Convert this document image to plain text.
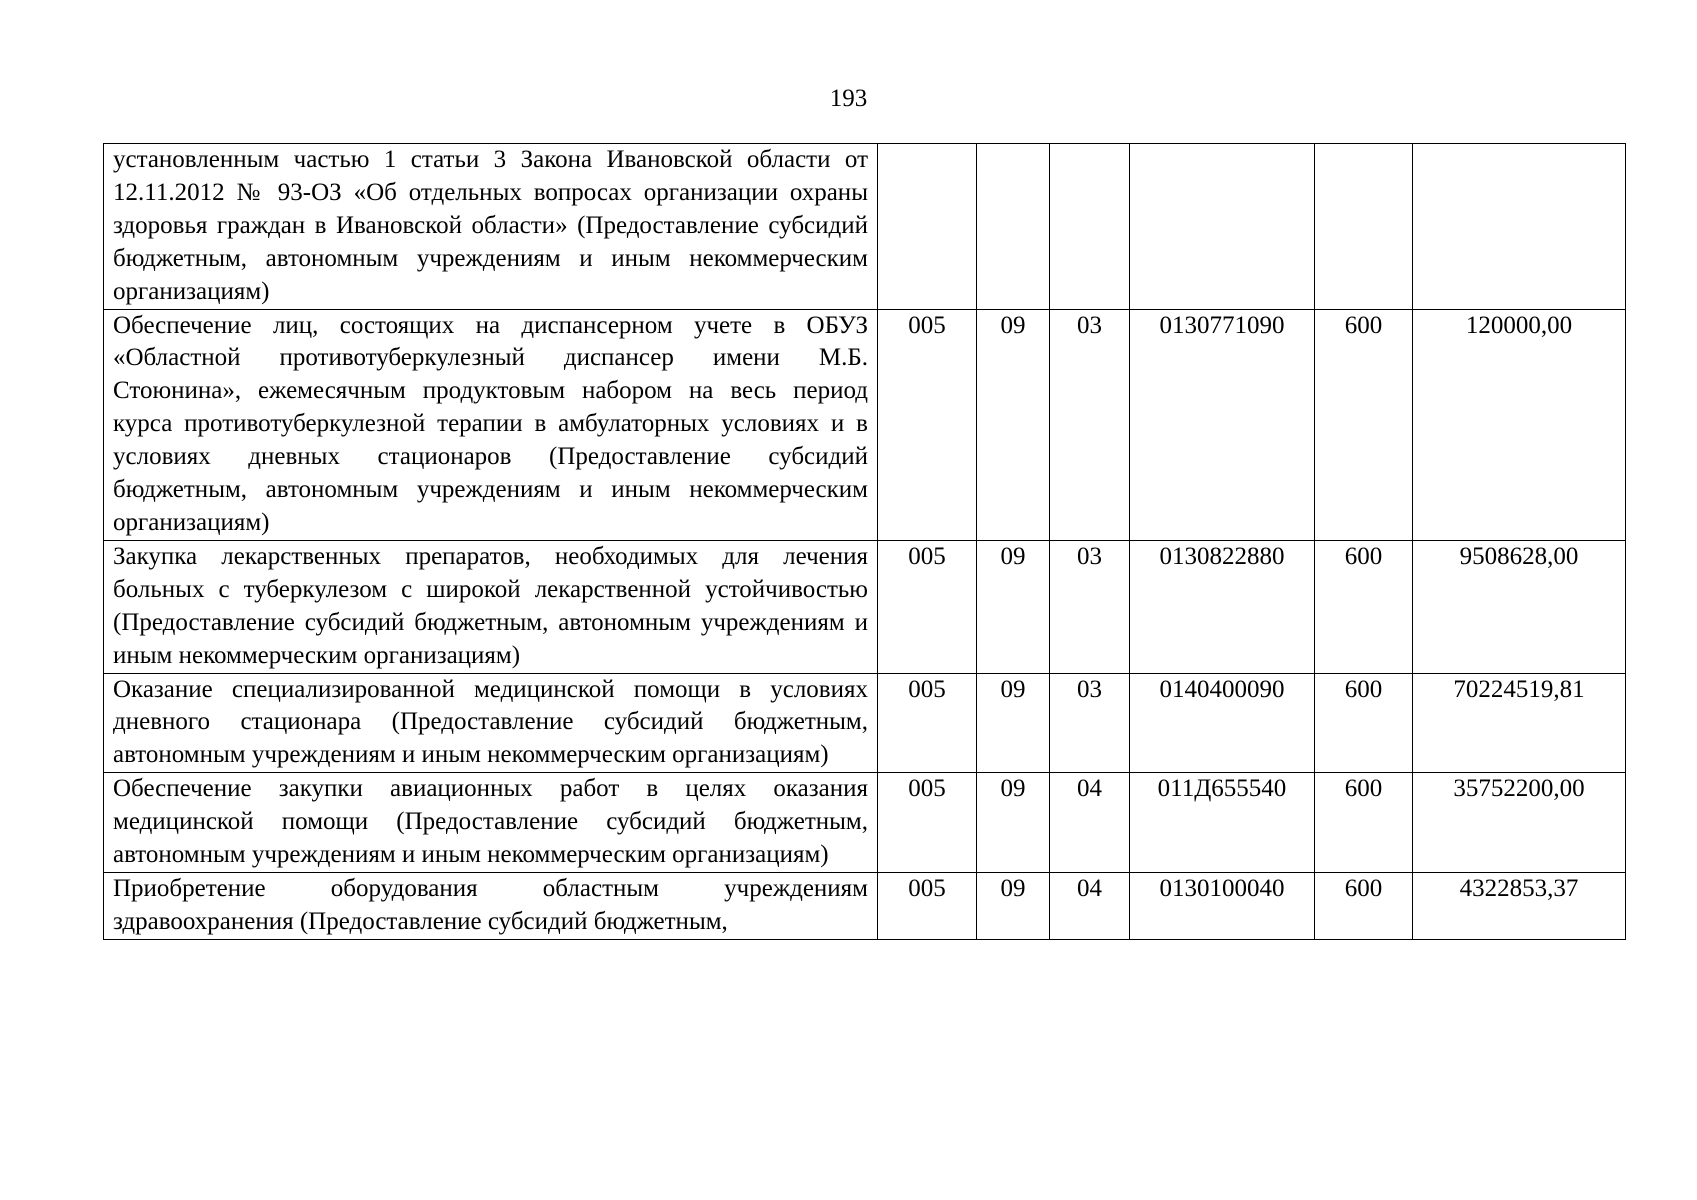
193
установленным частью 1 статьи 3 Закона Ивановской области от 12.11.2012 № 93-ОЗ «Об отдельных вопросах организации охраны здоровья граждан в Ивановской области» (Предоставление субсидий бюджетным, автономным учреждениям и иным некоммерческим организациям)						
Обеспечение лиц, состоящих на диспансерном учете в ОБУЗ «Областной противотуберкулезный диспансер имени М.Б. Стоюнина», ежемесячным продуктовым набором на весь период курса противотуберкулезной терапии в амбулаторных условиях и в условиях дневных стационаров (Предоставление субсидий бюджетным, автономным учреждениям и иным некоммерческим организациям)	005	09	03	0130771090	600	120000,00
Закупка лекарственных препаратов, необходимых для лечения больных с туберкулезом с широкой лекарственной устойчивостью (Предоставление субсидий бюджетным, автономным учреждениям и иным некоммерческим организациям)	005	09	03	0130822880	600	9508628,00
Оказание специализированной медицинской помощи в условиях дневного стационара (Предоставление субсидий бюджетным, автономным учреждениям и иным некоммерческим организациям)	005	09	03	0140400090	600	70224519,81
Обеспечение закупки авиационных работ в целях оказания медицинской помощи (Предоставление субсидий бюджетным, автономным учреждениям и иным некоммерческим организациям)	005	09	04	011Д655540	600	35752200,00
Приобретение оборудования областным учреждениям здравоохранения (Предоставление субсидий бюджетным,	005	09	04	0130100040	600	4322853,37
